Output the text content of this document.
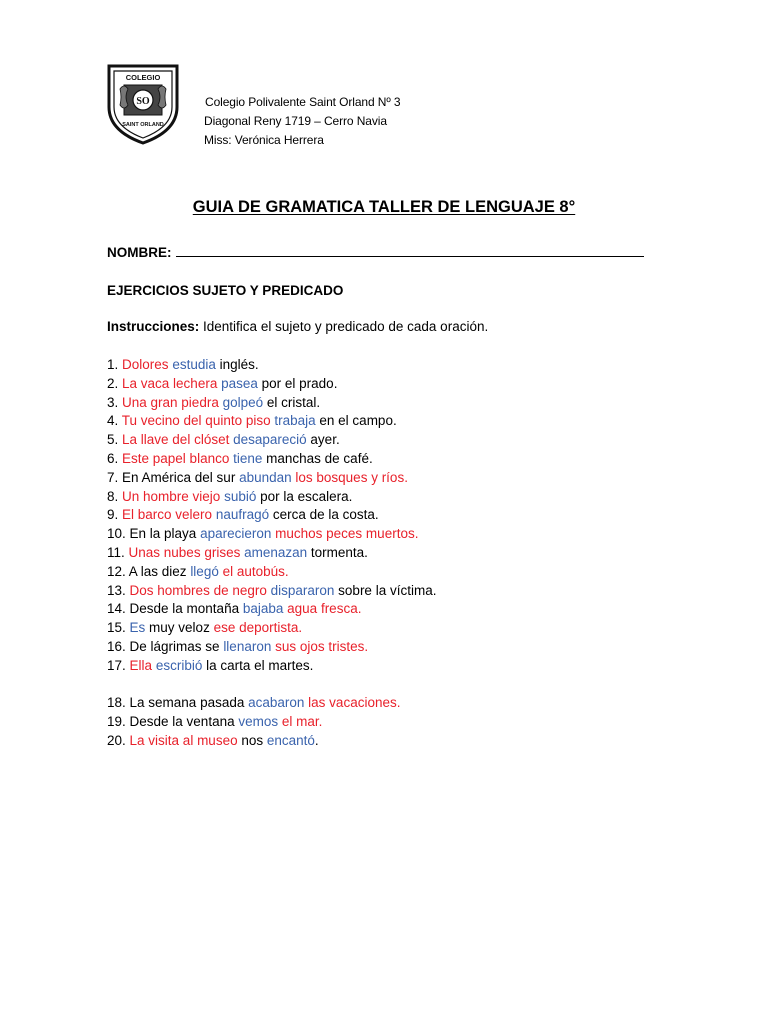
COLEGIO
SO
SAINT ORLAND
Colegio Polivalente Saint Orland Nº 3
Diagonal Reny 1719 – Cerro Navia
Miss: Verónica Herrera
GUIA DE GRAMATICA TALLER DE LENGUAJE 8°
NOMBRE:
EJERCICIOS SUJETO Y PREDICADO
Instrucciones: Identifica el sujeto y predicado de cada oración.
1. Dolores estudia inglés.
2. La vaca lechera pasea por el prado.
3. Una gran piedra golpeó el cristal.
4. Tu vecino del quinto piso trabaja en el campo.
5. La llave del clóset desapareció ayer.
6. Este papel blanco tiene manchas de café.
7. En América del sur abundan los bosques y ríos.
8. Un hombre viejo subió por la escalera.
9. El barco velero naufragó cerca de la costa.
10. En la playa aparecieron muchos peces muertos.
11. Unas nubes grises amenazan tormenta.
12. A las diez llegó el autobús.
13. Dos hombres de negro dispararon sobre la víctima.
14. Desde la montaña bajaba agua fresca.
15. Es muy veloz ese deportista.
16. De lágrimas se llenaron sus ojos tristes.
17. Ella escribió la carta el martes.
18. La semana pasada acabaron las vacaciones.
19. Desde la ventana vemos el mar.
20. La visita al museo nos encantó.
